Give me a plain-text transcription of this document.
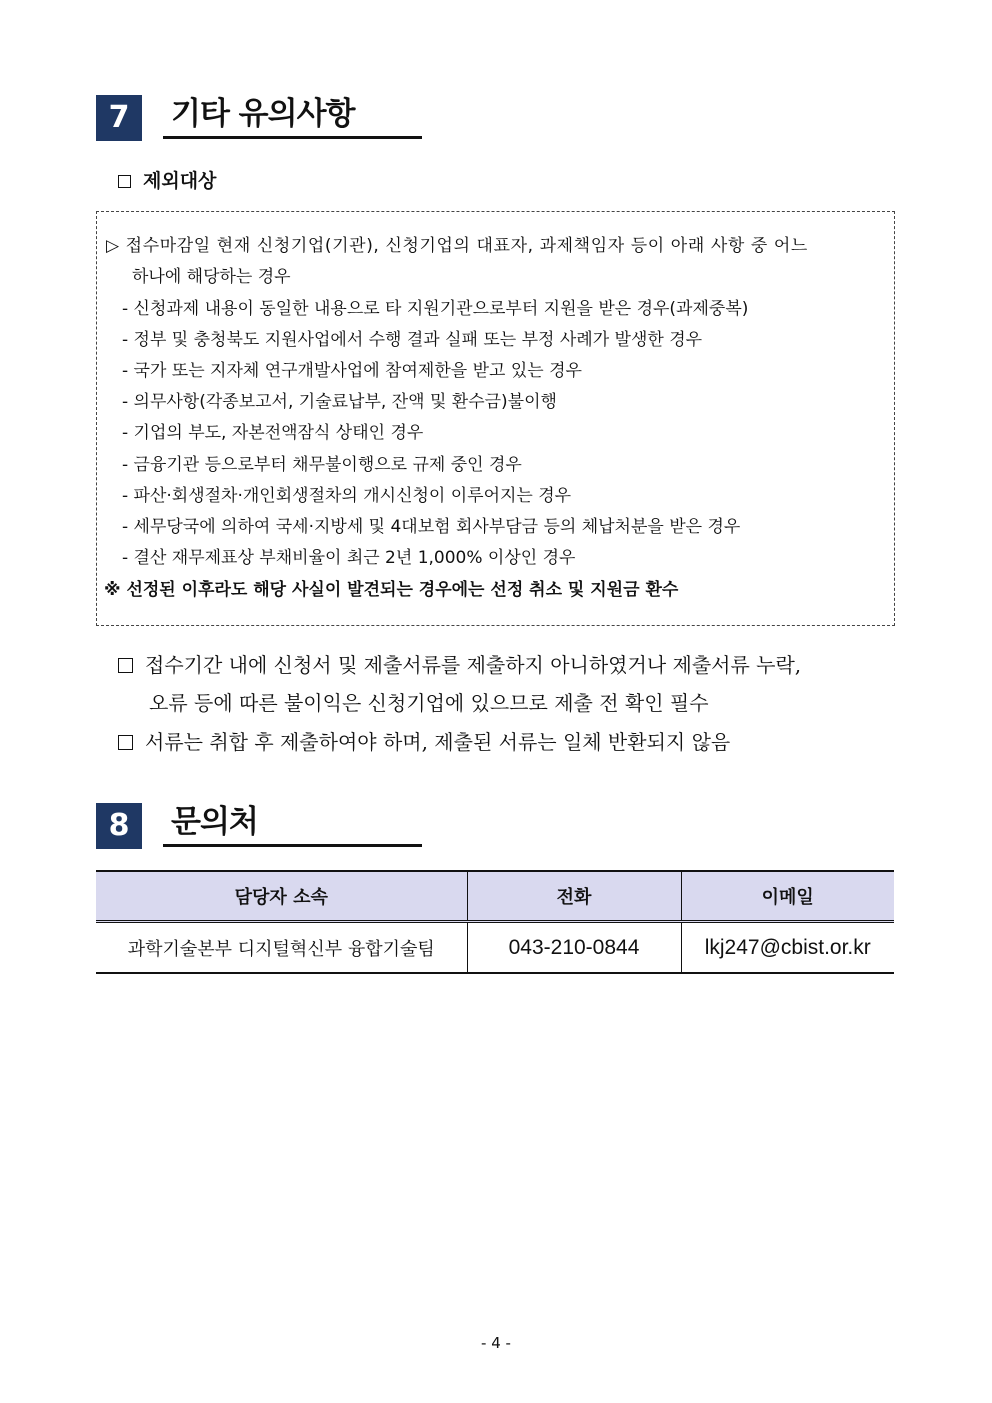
7	기타 유의사항
제외대상
▷ 접수마감일 현재 신청기업(기관), 신청기업의 대표자, 과제책임자 등이 아래 사항 중 어느
하나에 해당하는 경우
- 신청과제 내용이 동일한 내용으로 타 지원기관으로부터 지원을 받은 경우(과제중복)
- 정부 및 충청북도 지원사업에서 수행 결과 실패 또는 부정 사례가 발생한 경우
- 국가 또는 지자체 연구개발사업에 참여제한을 받고 있는 경우
- 의무사항(각종보고서, 기술료납부, 잔액 및 환수금)불이행
- 기업의 부도, 자본전액잠식 상태인 경우
- 금융기관 등으로부터 채무불이행으로 규제 중인 경우
- 파산·회생절차·개인회생절차의 개시신청이 이루어지는 경우
- 세무당국에 의하여 국세·지방세 및 4대보험 회사부담금 등의 체납처분을 받은 경우
- 결산 재무제표상 부채비율이 최근 2년 1,000% 이상인 경우
※ 선정된 이후라도 해당 사실이 발견되는 경우에는 선정 취소 및 지원금 환수
접수기간 내에 신청서 및 제출서류를 제출하지 아니하였거나 제출서류 누락,
오류 등에 따른 불이익은 신청기업에 있으므로 제출 전 확인 필수
서류는 취합 후 제출하여야 하며, 제출된 서류는 일체 반환되지 않음
8	문의처
담당자 소속	전화	이메일
과학기술본부 디지털혁신부 융합기술팀	043-210-0844	lkj247@cbist.or.kr
- 4 -
